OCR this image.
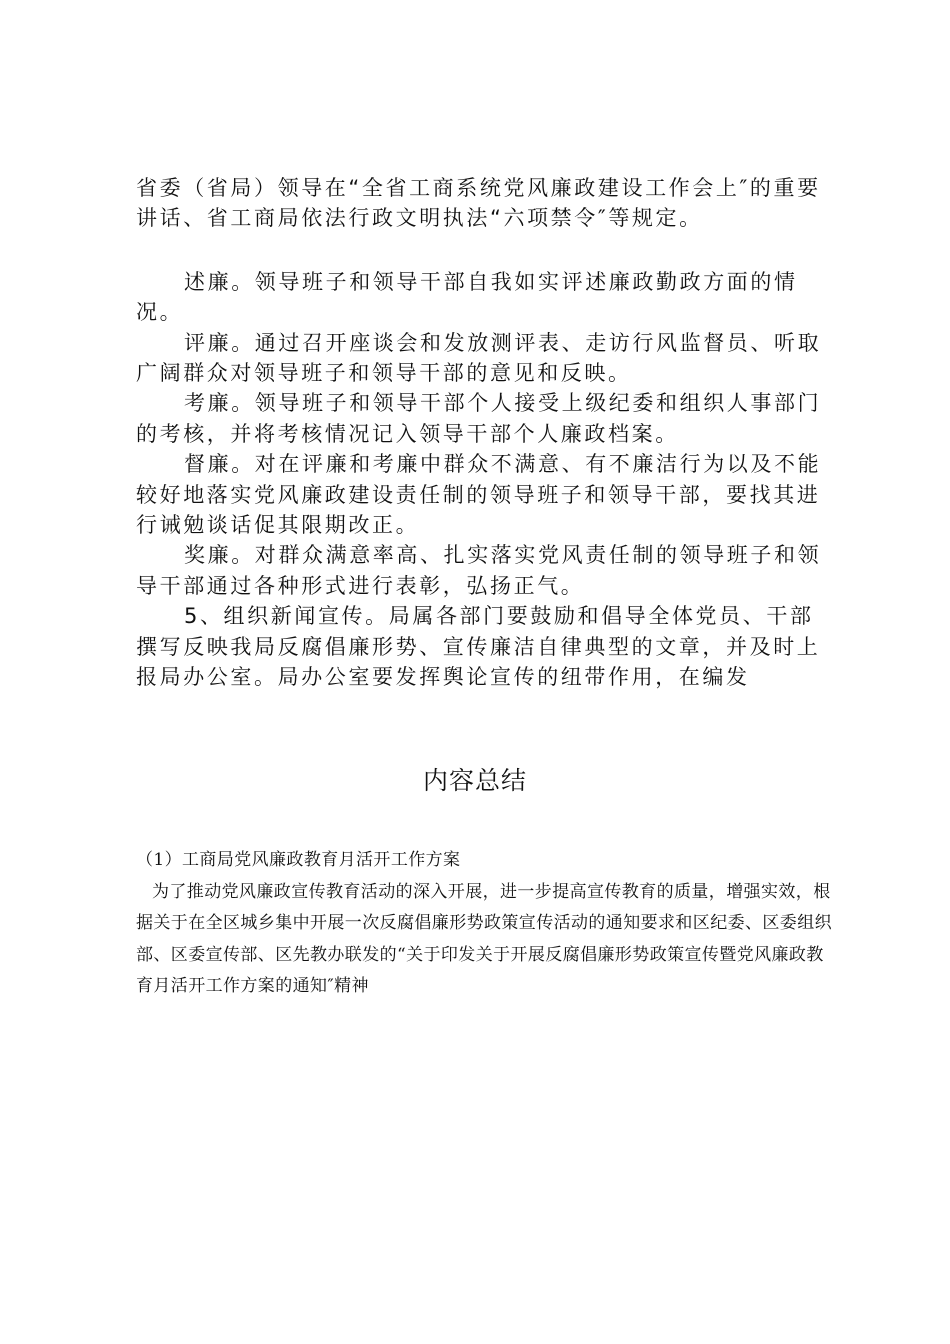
省委（省局）领导在“全省工商系统党风廉政建设工作会上″的重要讲话、省工商局依法行政文明执法“六项禁令″等规定。

述廉。领导班子和领导干部自我如实评述廉政勤政方面的情况。

评廉。通过召开座谈会和发放测评表、走访行风监督员、听取广阔群众对领导班子和领导干部的意见和反映。

考廉。领导班子和领导干部个人接受上级纪委和组织人事部门的考核，并将考核情况记入领导干部个人廉政档案。

督廉。对在评廉和考廉中群众不满意、有不廉洁行为以及不能较好地落实党风廉政建设责任制的领导班子和领导干部，要找其进行诫勉谈话促其限期改正。

奖廉。对群众满意率高、扎实落实党风责任制的领导班子和领导干部通过各种形式进行表彰，弘扬正气。

5、组织新闻宣传。局属各部门要鼓励和倡导全体党员、干部撰写反映我局反腐倡廉形势、宣传廉洁自律典型的文章，并及时上报局办公室。局办公室要发挥舆论宣传的纽带作用，在编发

内容总结

（1）工商局党风廉政教育月活开工作方案

为了推动党风廉政宣传教育活动的深入开展，进一步提高宣传教育的质量，增强实效，根据关于在全区城乡集中开展一次反腐倡廉形势政策宣传活动的通知要求和区纪委、区委组织部、区委宣传部、区先教办联发的“关于印发关于开展反腐倡廉形势政策宣传暨党风廉政教育月活开工作方案的通知″精神
